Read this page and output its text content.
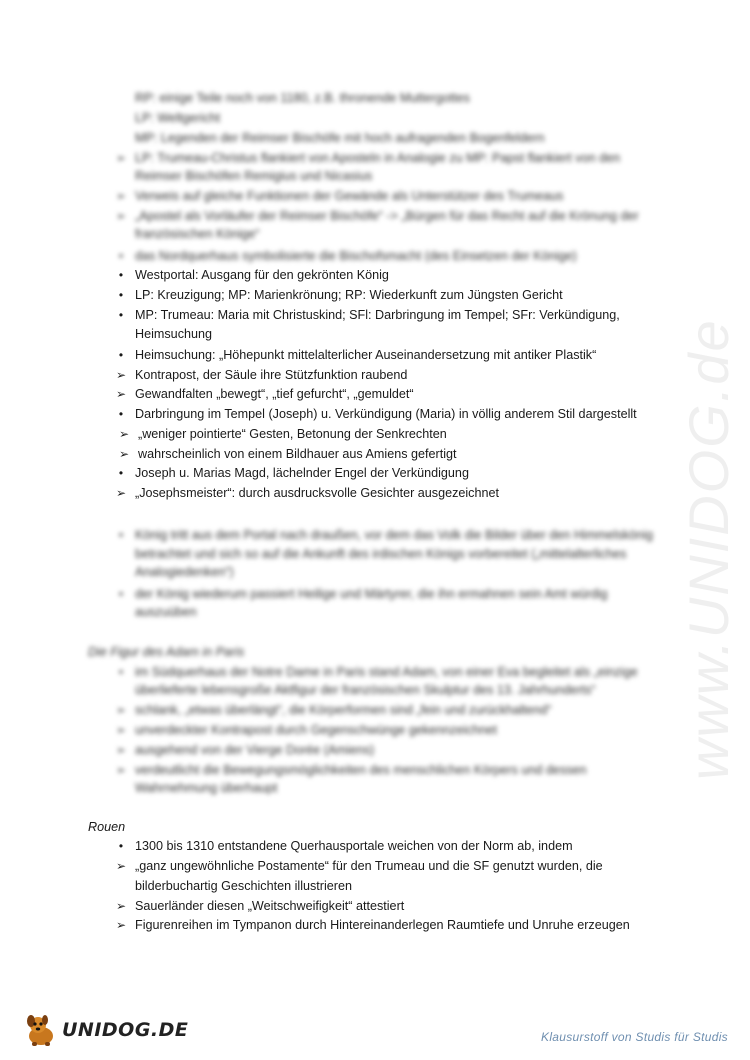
www.UNIDOG.de
RP: einige Teile noch von 1180, z.B. thronende Muttergottes
LP: Weltgericht
MP: Legenden der Reimser Bischöfe mit hoch aufragenden Bogenfeldern
➢ LP: Trumeau-Christus flankiert von Aposteln in Analogie zu MP: Papst flankiert von den
Reimser Bischöfen Remigius und Nicasius
➢ Verweis auf gleiche Funktionen der Gewände als Unterstützer des Trumeaus
➢ „Apostel als Vorläufer der Reimser Bischöfe“ -> „Bürgen für das Recht auf die Krönung der
französischen Könige“
• das Nordquerhaus symbolisierte die Bischofsmacht (des Einsetzen der Könige)
• Westportal: Ausgang für den gekrönten König
• LP: Kreuzigung; MP: Marienkrönung; RP: Wiederkunft zum Jüngsten Gericht
• MP: Trumeau: Maria mit Christuskind; SFl: Darbringung im Tempel; SFr: Verkündigung,
Heimsuchung
• Heimsuchung: „Höhepunkt mittelalterlicher Auseinandersetzung mit antiker Plastik“
➢ Kontrapost, der Säule ihre Stützfunktion raubend
➢ Gewandfalten „bewegt“, „tief gefurcht“, „gemuldet“
• Darbringung im Tempel (Joseph) u. Verkündigung (Maria) in völlig anderem Stil dargestellt
➢ „weniger pointierte“ Gesten, Betonung der Senkrechten
➢ wahrscheinlich von einem Bildhauer aus Amiens gefertigt
• Joseph u. Marias Magd, lächelnder Engel der Verkündigung
➢ „Josephsmeister“: durch ausdrucksvolle Gesichter ausgezeichnet
• König tritt aus dem Portal nach draußen, vor dem das Volk die Bilder über den Himmelskönig
betrachtet und sich so auf die Ankunft des irdischen Königs vorbereitet („mittelalterliches
Analogiedenken“)
• der König wiederum passiert Heilige und Märtyrer, die ihn ermahnen sein Amt würdig
auszuüben
Die Figur des Adam in Paris
• im Südquerhaus der Notre Dame in Paris stand Adam, von einer Eva begleitet als „einzige
überlieferte lebensgroße Aktfigur der französischen Skulptur des 13. Jahrhunderts“
➢ schlank, „etwas überlängt“, die Körperformen sind „fein und zurückhaltend“
➢ unverdeckter Kontrapost durch Gegenschwünge gekennzeichnet
➢ ausgehend von der Vierge Dorée (Amiens)
➢ verdeutlicht die Bewegungsmöglichkeiten des menschlichen Körpers und dessen
Wahrnehmung überhaupt
Rouen
• 1300 bis 1310 entstandene Querhausportale weichen von der Norm ab, indem
➢ „ganz ungewöhnliche Postamente“ für den Trumeau und die SF genutzt wurden, die
bilderbuchartig Geschichten illustrieren
➢ Sauerländer diesen „Weitschweifigkeit“ attestiert
➢ Figurenreihen im Tympanon durch Hintereinanderlegen Raumtiefe und Unruhe erzeugen
UNIDOG.DE	Klausurstoff von Studis für Studis
